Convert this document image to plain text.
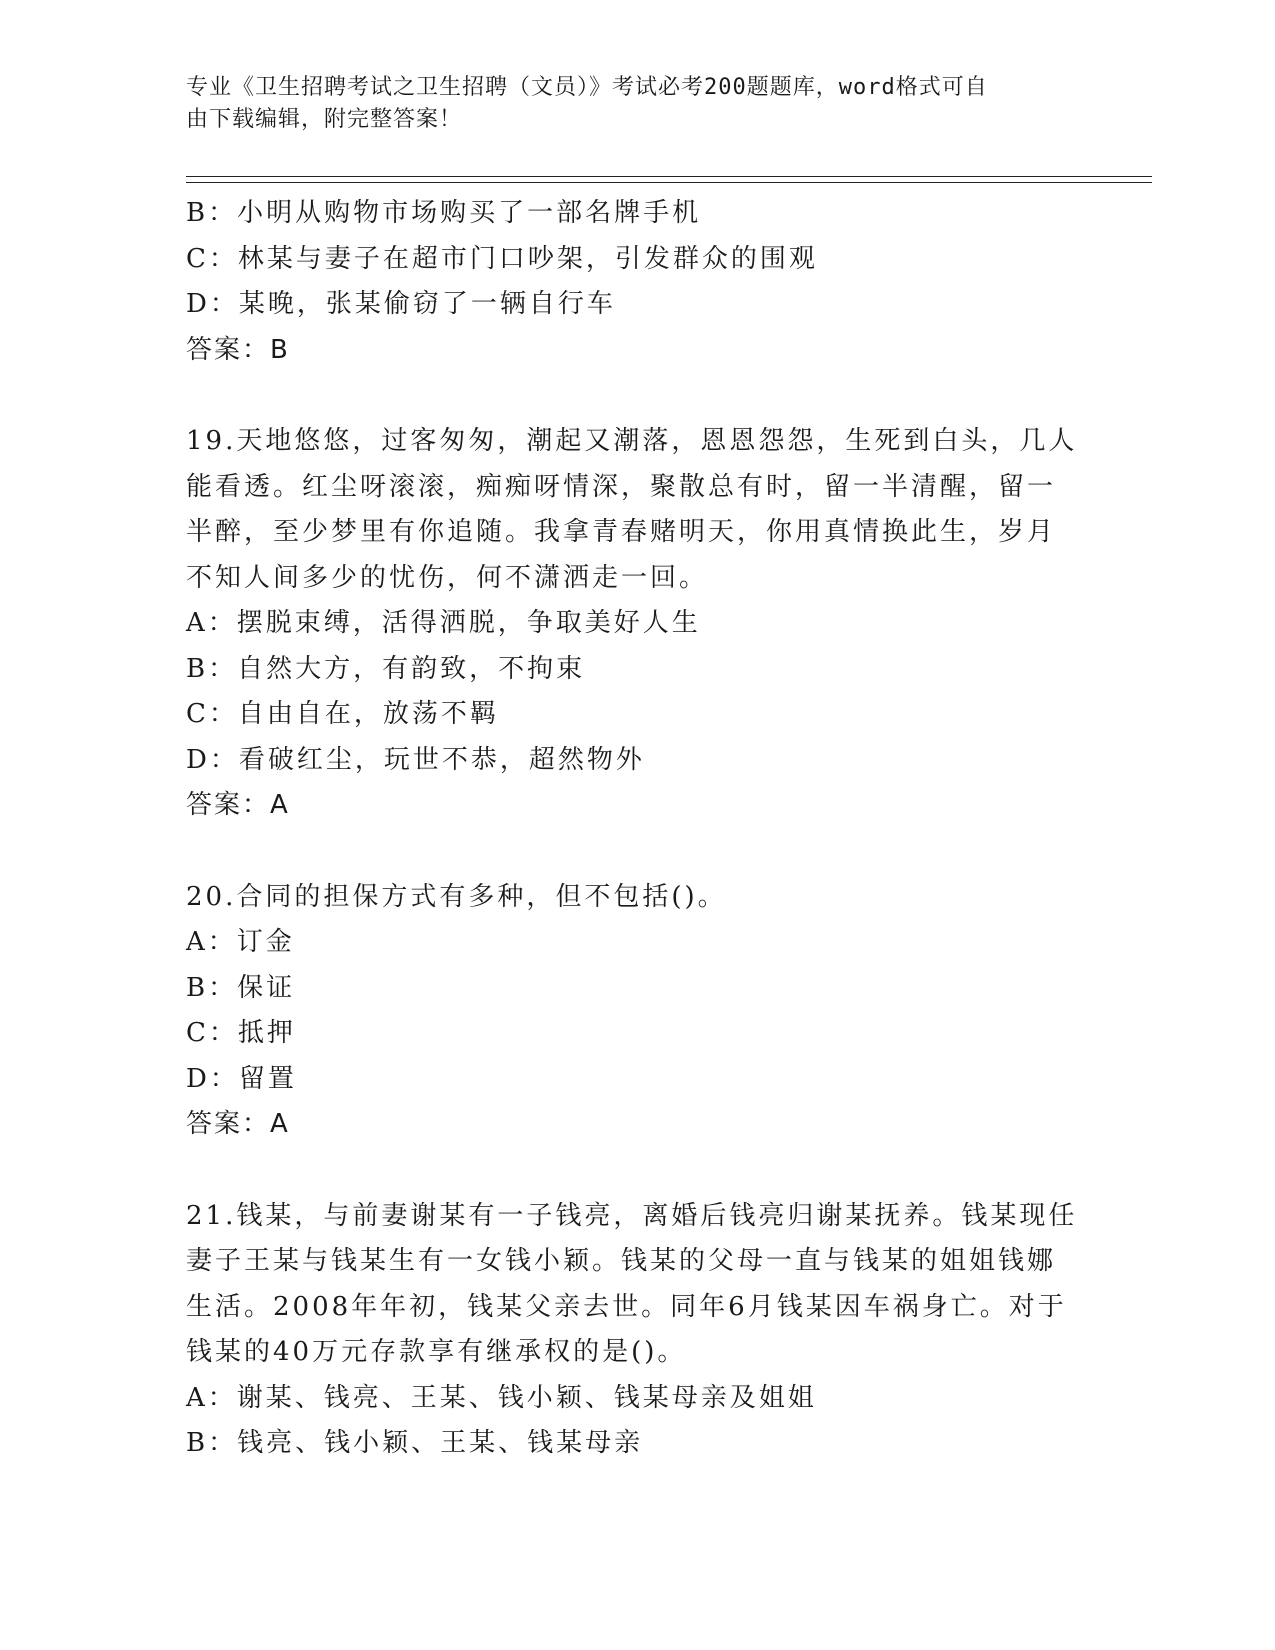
专业《卫生招聘考试之卫生招聘（文员）》考试必考200题题库，word格式可自
由下载编辑，附完整答案！
B：小明从购物市场购买了一部名牌手机
C：林某与妻子在超市门口吵架，引发群众的围观
D：某晚，张某偷窃了一辆自行车
答案：B
19.天地悠悠，过客匆匆，潮起又潮落，恩恩怨怨，生死到白头，几人
能看透。红尘呀滚滚，痴痴呀情深，聚散总有时，留一半清醒，留一
半醉，至少梦里有你追随。我拿青春赌明天，你用真情换此生，岁月
不知人间多少的忧伤，何不潇洒走一回。
A：摆脱束缚，活得洒脱，争取美好人生
B：自然大方，有韵致，不拘束
C：自由自在，放荡不羁
D：看破红尘，玩世不恭，超然物外
答案：A
20.合同的担保方式有多种，但不包括()。
A：订金
B：保证
C：抵押
D：留置
答案：A
21.钱某，与前妻谢某有一子钱亮，离婚后钱亮归谢某抚养。钱某现任
妻子王某与钱某生有一女钱小颖。钱某的父母一直与钱某的姐姐钱娜
生活。2008年年初，钱某父亲去世。同年6月钱某因车祸身亡。对于
钱某的40万元存款享有继承权的是()。
A：谢某、钱亮、王某、钱小颖、钱某母亲及姐姐
B：钱亮、钱小颖、王某、钱某母亲
